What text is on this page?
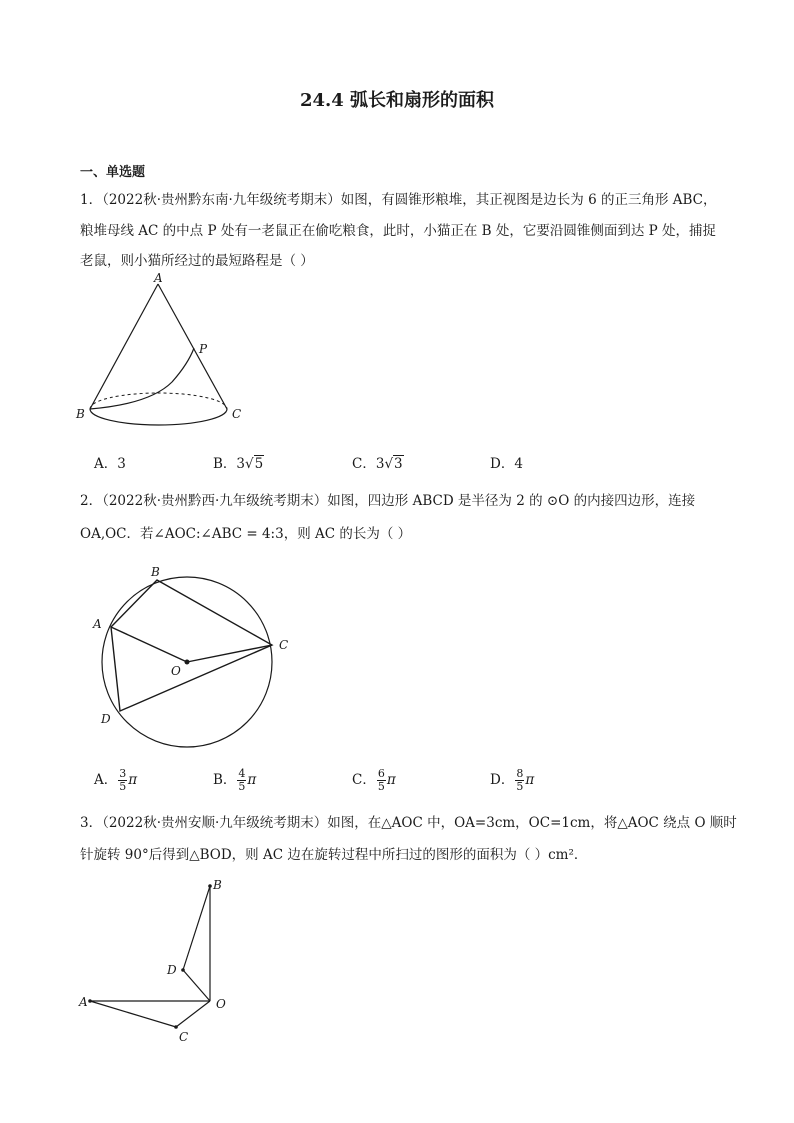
24.4 弧长和扇形的面积
一、单选题
1．（2022秋·贵州黔东南·九年级统考期末）如图，有圆锥形粮堆，其正视图是边长为 6 的正三角形 ABC，
粮堆母线 AC 的中点 P 处有一老鼠正在偷吃粮食，此时，小猫正在 B 处，它要沿圆锥侧面到达 P 处，捕捉
老鼠，则小猫所经过的最短路程是（ ）
A
B	C
P
A．3	B．3√5	C．3√3	D．4
2．（2022秋·贵州黔西·九年级统考期末）如图，四边形 ABCD 是半径为 2 的 ⊙O 的内接四边形，连接
OA,OC．若∠AOC:∠ABC = 4:3，则 AC 的长为（ ）
B
A
C
D
O
A． $\frac{3}{5}$ π	B． $\frac{4}{5}$ π	C． $\frac{6}{5}$ π	D． $\frac{8}{5}$ π
3．（2022秋·贵州安顺·九年级统考期末）如图，在△AOC 中，OA=3cm，OC=1cm，将△AOC 绕点 O 顺时
针旋转 90°后得到△BOD，则 AC 边在旋转过程中所扫过的图形的面积为（ ）cm²．
B
D
A	O
C
